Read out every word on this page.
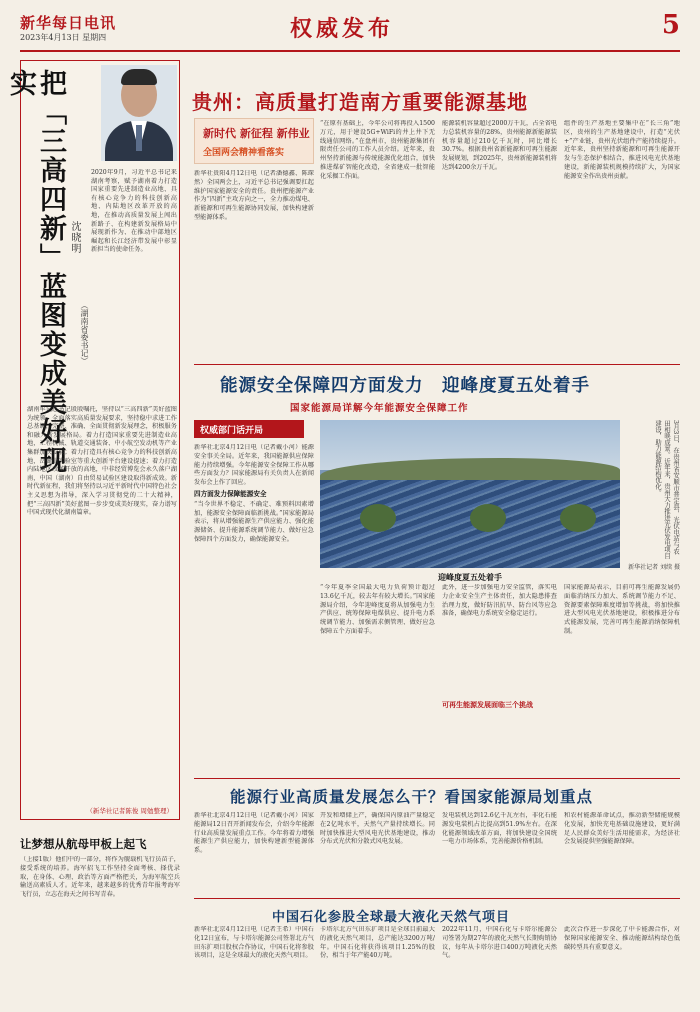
新华每日电讯
2023年4月13日 星期四	权威发布	5
把「三高四新」蓝图变成美好现实
沈晓明
（湖南省委书记）
2020年9月，习近平总书记来湖南考察，赋予湖南着力打造国家重要先进制造业高地、具有核心竞争力的科技创新高地、内陆地区改革开放的高地，在推动高质量发展上闯出新路子、在构建新发展格局中展现新作为、在推动中部地区崛起和长江经济带发展中彰显新担当的使命任务。
湖南牢记总书记殷殷嘱托，坚持以“三高四新”美好蓝图为统领，全面落实高质量发展要求，坚持稳中求进工作总基调，完整、准确、全面贯彻新发展理念，积极服务和融入新发展格局。着力打造国家重要先进制造业高地，工程机械、轨道交通装备、中小航空发动机等产业集群加快发展；着力打造具有核心竞争力的科技创新高地，岳麓山实验室等重大创新平台建设提速；着力打造内陆地区改革开放的高地，中非经贸博览会永久落户湖南，中国（湖南）自由贸易试验区建设取得新成效。新时代新征程，我们将坚持以习近平新时代中国特色社会主义思想为指导，深入学习贯彻党的二十大精神，把“三高四新”美好蓝图一步步变成美好现实，奋力谱写中国式现代化湖南篇章。
（新华社记者陈俊 周勉整理）
贵州：高质量打造南方重要能源基地
新时代 新征程 新伟业
全国两会精神看落实
新华社贵阳4月12日电（记者潘德鑫、陈琛然）全国两会上，习近平总书记强调要扛起维护国家能源安全的责任。贵州把能源产业作为“四新”主攻方向之一，全力推动煤电、新能源和可再生能源协同发展，加快构建新型能源体系。
“在原有基础上，今年公司将再投入1500万元，用于建设5G+WiFi的井上井下无线通信网络。”在盘州市，贵州能源集团有限责任公司的工作人员介绍。近年来，贵州坚持新能源与传统能源优化组合，加快推进煤矿智能化改造，全省建成一批智能化采掘工作面。
能源装机容量超过2000万千瓦，占全省电力总装机容量的28%，贵州能源新能源装机容量超过210亿千瓦时，同比增长30.7%。根据贵州省新能源和可再生能源发展规划，到2025年，贵州新能源装机将达到4200余万千瓦。
组件的生产基地主要集中在“长三角”地区，贵州的生产基地建设中，打造“光伏+”产业链，贵州光伏组件产能持续提升。近年来，贵州坚持新能源和可再生能源开发与生态保护相结合，推进风电光伏基地建设，新能源装机规模持续扩大，为国家能源安全作出贵州贡献。
能源安全保障四方面发力　迎峰度夏五处着手
国家能源局详解今年能源安全保障工作
权威部门话开局
新华社北京4月12日电（记者戴小河）能源安全事关全局。近年来，我国能源供应保障能力持续增强。今年能源安全保障工作从哪些方面发力？国家能源局有关负责人在新闻发布会上作了回应。
四方面发力保障能源安全
“当今世界不稳定、不确定、难预料因素增加，能源安全保障面临新挑战。”国家能源局表示，将从增强能源生产供应能力、强化能源储备、提升能源系统调节能力、做好应急保障四个方面发力，确保能源安全。
迎峰度夏五处着手
3月3日，在贵州省安顺市普定县，光伏电站与农田相映成景。近年来，贵州大力推进光伏发电项目建设，助力能源结构优化。
新华社记者 刘续 摄
“今年夏季全国最大电力负荷预计超过13.6亿千瓦，较去年有较大增长。”国家能源局介绍，今年迎峰度夏将从加强电力生产供应、统筹保障电煤供应、提升电力系统调节能力、加强需求侧管理、做好应急保障五个方面着手。
此外，进一步加强电力安全监管，落实电力企业安全生产主体责任，加大隐患排查治理力度，做好防汛抗旱、防台风等应急准备，确保电力系统安全稳定运行。
可再生能源发展面临三个挑战
国家能源局表示，目前可再生能源发展仍面临消纳压力加大、系统调节能力不足、资源要素保障难度增加等挑战，将加快推进大型风电光伏基地建设，积极推进分布式能源发展，完善可再生能源消纳保障机制。
能源行业高质量发展怎么干？看国家能源局划重点
新华社北京4月12日电（记者戴小河）国家能源局12日召开新闻发布会，介绍今年能源行业高质量发展重点工作。今年将着力增强能源生产供应能力，加快构建新型能源体系。
开发和增储上产，确保国内原油产量稳定在2亿吨水平，天然气产量持续增长。同时加快推进大型风电光伏基地建设，推动分布式光伏和分散式风电发展。
发电装机达到12.6亿千瓦左右，非化石能源发电装机占比提高到51.9%左右。在深化能源领域改革方面，将加快建设全国统一电力市场体系，完善能源价格机制。
和农村能源革命试点，推动新型储能规模化发展，加快充电基础设施建设，更好满足人民群众美好生活用能需求，为经济社会发展提供坚强能源保障。
中国石化参股全球最大液化天然气项目
新华社北京4月12日电（记者王希）中国石化12日宣布，与卡塔尔能源公司签署北方气田东扩项目股权合作协议，中国石化将参股该项目，这是全球最大的液化天然气项目。
卡塔尔北方气田东扩项目是全球目前最大的液化天然气项目，总产能达3200万吨/年。中国石化将获得该项目1.25%的股份，相当于年产能40万吨。
2022年11月，中国石化与卡塔尔能源公司签署为期27年的液化天然气长期购销协议，每年从卡塔尔进口400万吨液化天然气。
此次合作进一步深化了中卡能源合作，对保障国家能源安全、推动能源结构绿色低碳转型具有重要意义。
让梦想从航母甲板上起飞
（上接1版）他们中的一部分，将作为舰载机飞行员苗子，接受系统的培养。海军招飞工作坚持全面考核、择优录取，在身体、心理、政治等方面严格把关，为海军航空兵输送高素质人才。近年来，越来越多的优秀青年报考海军飞行员，立志在海天之间书写青春。
